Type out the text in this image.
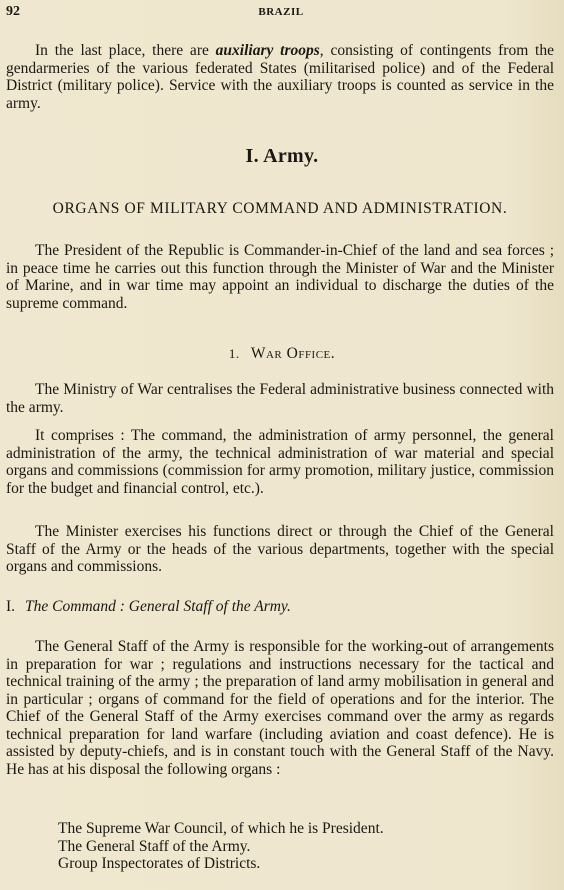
92	BRAZIL

In the last place, there are auxiliary troops, consisting of contingents from the gendarmeries of the various federated States (militarised police) and of the Federal District (military police). Service with the auxiliary troops is counted as service in the army.

I. Army.
ORGANS OF MILITARY COMMAND AND ADMINISTRATION.

The President of the Republic is Commander-in-Chief of the land and sea forces ; in peace time he carries out this function through the Minister of War and the Minister of Marine, and in war time may appoint an individual to discharge the duties of the supreme command.

1. War Office.

The Ministry of War centralises the Federal administrative business connected with the army.

It comprises : The command, the administration of army personnel, the general administration of the army, the technical administration of war material and special organs and commissions (commission for army promotion, military justice, commission for the budget and financial control, etc.).

The Minister exercises his functions direct or through the Chief of the General Staff of the Army or the heads of the various departments, together with the special organs and commissions.

I. The Command : General Staff of the Army.

The General Staff of the Army is responsible for the working-out of arrangements in preparation for war ; regulations and instructions necessary for the tactical and technical training of the army ; the preparation of land army mobilisation in general and in particular ; organs of command for the field of operations and for the interior. The Chief of the General Staff of the Army exercises command over the army as regards technical preparation for land warfare (including aviation and coast defence). He is assisted by deputy-chiefs, and is in constant touch with the General Staff of the Navy. He has at his disposal the following organs :

The Supreme War Council, of which he is President.
The General Staff of the Army.
Group Inspectorates of Districts.
